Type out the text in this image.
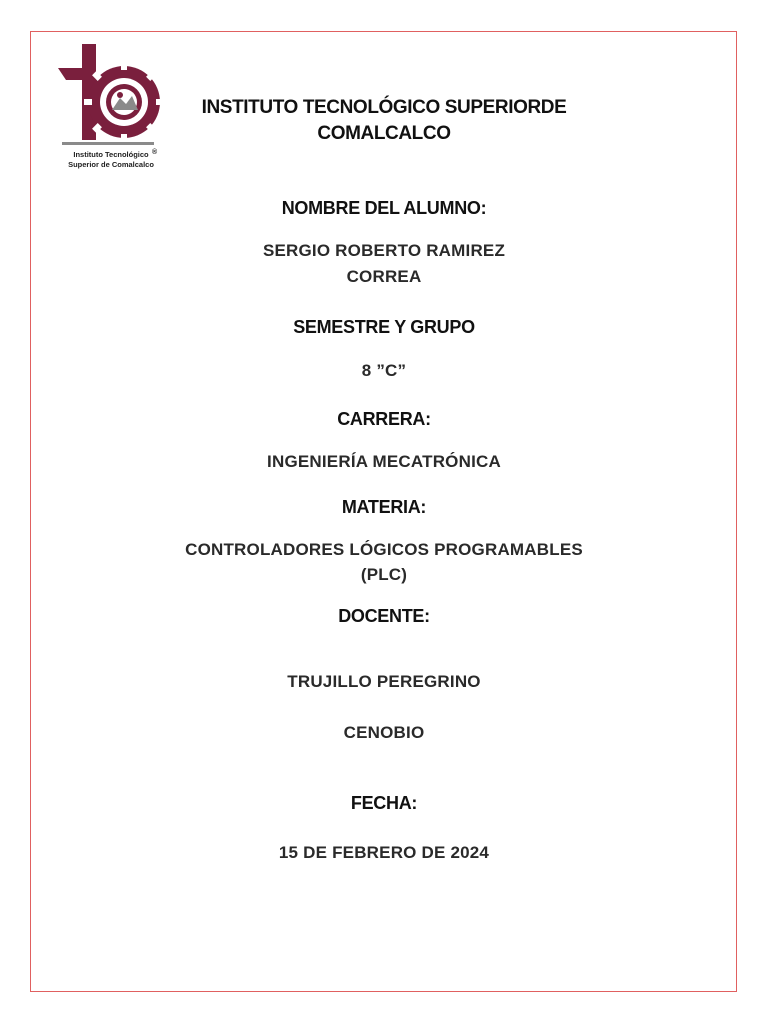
®
Instituto Tecnológico
Superior de Comalcalco
INSTITUTO TECNOLÓGICO SUPERIORDE
COMALCALCO
NOMBRE DEL ALUMNO:
SERGIO ROBERTO RAMIREZ
CORREA
SEMESTRE Y GRUPO
8 ”C”
CARRERA:
INGENIERÍA MECATRÓNICA
MATERIA:
CONTROLADORES LÓGICOS PROGRAMABLES
(PLC)
DOCENTE:
TRUJILLO PEREGRINO
CENOBIO
FECHA:
15 DE FEBRERO DE 2024
